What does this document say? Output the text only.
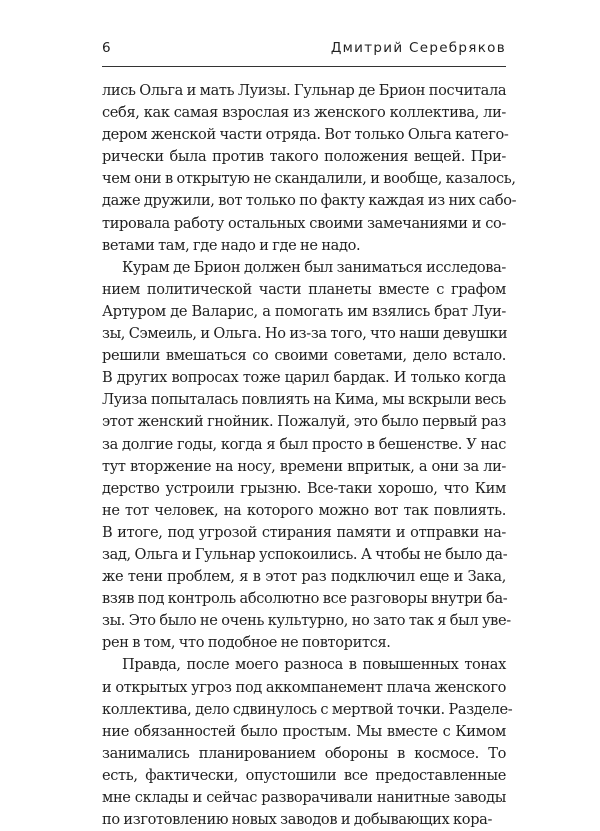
6	Дмитрий Серебряков
лись Ольга и мать Луизы. Гульнар де Брион посчитала
себя, как самая взрослая из женского коллектива, ли-
дером женской части отряда. Вот только Ольга катего-
рически была против такого положения вещей. При-
чем они в открытую не скандалили, и вообще, казалось,
даже дружили, вот только по факту каждая из них сабо-
тировала работу остальных своими замечаниями и со-
ветами там, где надо и где не надо.
Курам де Брион должен был заниматься исследова-
нием политической части планеты вместе с графом
Артуром де Валарис, а помогать им взялись брат Луи-
зы, Сэмеиль, и Ольга. Но из-за того, что наши девушки
решили вмешаться со своими советами, дело встало.
В других вопросах тоже царил бардак. И только когда
Луиза попыталась повлиять на Кима, мы вскрыли весь
этот женский гнойник. Пожалуй, это было первый раз
за долгие годы, когда я был просто в бешенстве. У нас
тут вторжение на носу, времени впритык, а они за ли-
дерство устроили грызню. Все-таки хорошо, что Ким
не тот человек, на которого можно вот так повлиять.
В итоге, под угрозой стирания памяти и отправки на-
зад, Ольга и Гульнар успокоились. А чтобы не было да-
же тени проблем, я в этот раз подключил еще и Зака,
взяв под контроль абсолютно все разговоры внутри ба-
зы. Это было не очень культурно, но зато так я был уве-
рен в том, что подобное не повторится.
Правда, после моего разноса в повышенных тонах
и открытых угроз под аккомпанемент плача женского
коллектива, дело сдвинулось с мертвой точки. Разделе-
ние обязанностей было простым. Мы вместе с Кимом
занимались планированием обороны в космосе. То
есть, фактически, опустошили все предоставленные
мне склады и сейчас разворачивали нанитные заводы
по изготовлению новых заводов и добывающих кора-
